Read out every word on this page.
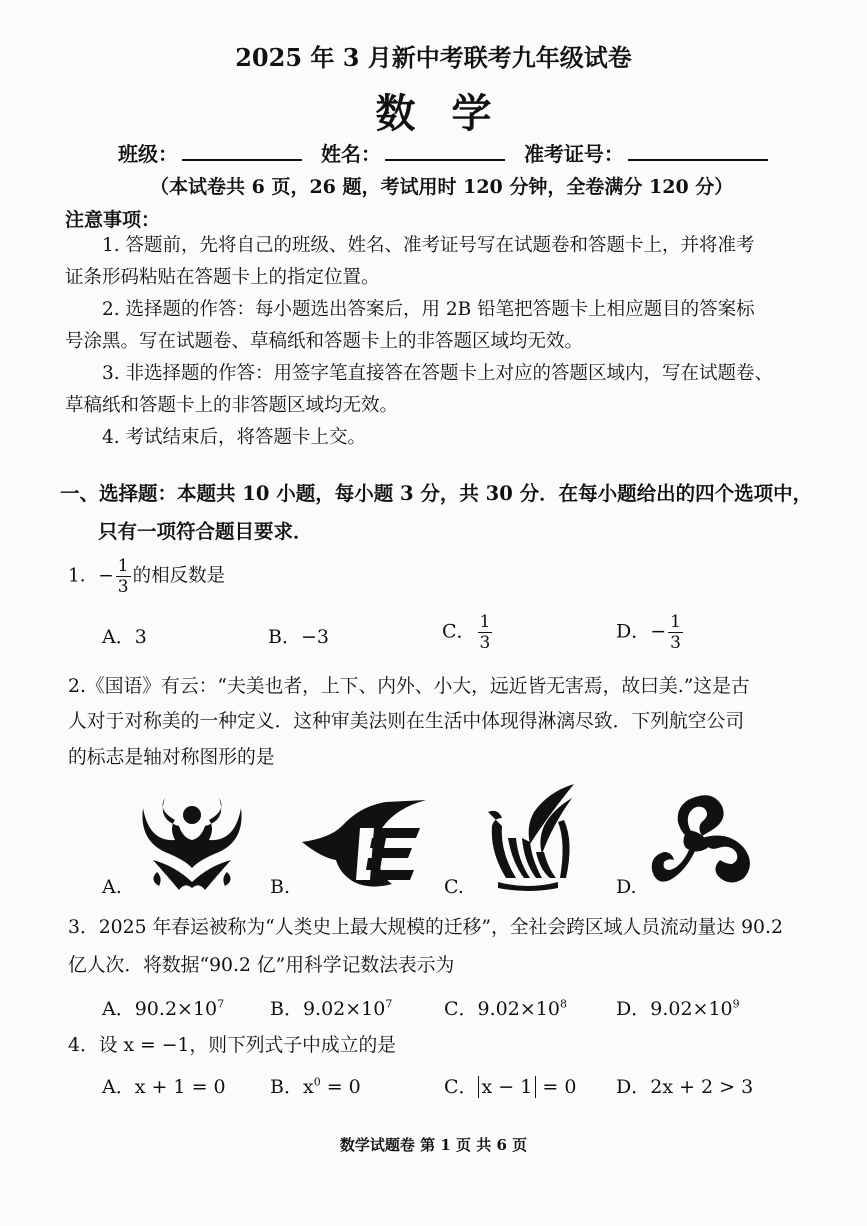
2025 年 3 月新中考联考九年级试卷
数学
班级：	姓名：	准考证号：
（本试卷共 6 页，26 题，考试用时 120 分钟，全卷满分 120 分）
注意事项：
1. 答题前，先将自己的班级、姓名、准考证号写在试题卷和答题卡上，并将准考
证条形码粘贴在答题卡上的指定位置。
2. 选择题的作答：每小题选出答案后，用 2B 铅笔把答题卡上相应题目的答案标
号涂黑。写在试题卷、草稿纸和答题卡上的非答题区域均无效。
3. 非选择题的作答：用签字笔直接答在答题卡上对应的答题区域内，写在试题卷、
草稿纸和答题卡上的非答题区域均无效。
4. 考试结束后，将答题卡上交。
一、选择题：本题共 10 小题，每小题 3 分，共 30 分．在每小题给出的四个选项中，
只有一项符合题目要求．
1．− $\frac{1}{3}$ 的相反数是
A．3	B．−3	C． $\frac{1}{3}$	D．− $\frac{1}{3}$
2.《国语》有云：“夫美也者，上下、内外、小大，远近皆无害焉，故曰美.”这是古
人对于对称美的一种定义．这种审美法则在生活中体现得淋漓尽致．下列航空公司
的标志是轴对称图形的是
A.	B.	C.	D.
3．2025 年春运被称为“人类史上最大规模的迁移”，全社会跨区域人员流动量达 90.2
亿人次．将数据“90.2 亿”用科学记数法表示为
A．$90.2\times 10^7$ B．$9.02\times 10^7$	C．$9.02\times 10^8$	D．$9.02\times 10^9$
4．设 x = −1，则下列式子中成立的是
A．x + 1 = 0 B．$x^0 = 0$	C． x − 1 = 0 D．2x + 2 > 3
数学试题卷 第 1 页 共 6 页
